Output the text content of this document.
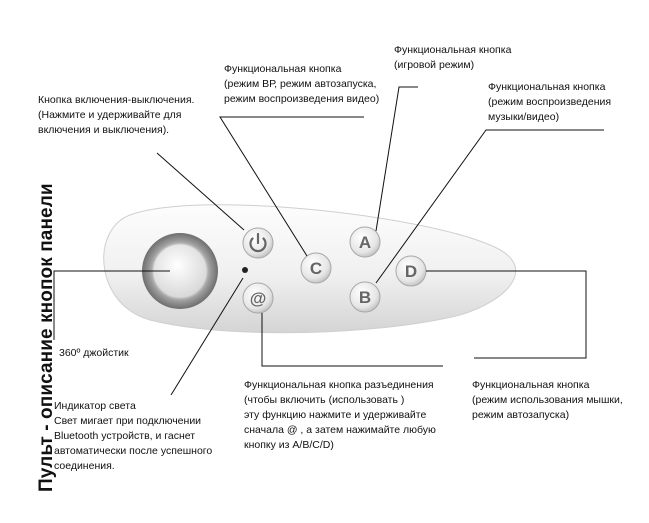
@
C
A
B
D
Пульт - описание кнопок панели

Кнопка включения-выключения.
(Нажмите и удерживайте для
включения и выключения).

Функциональная кнопка
(режим ВР, режим автозапуска,
режим воспроизведения видео)

Функциональная кнопка
(игровой режим)

Функциональная кнопка
(режим воспроизведения
музыки/видео)

360º джойстик

Индикатор света
Свет мигает при подключении
Bluetooth устройств, и гаснет
автоматически после успешного
соединения.

Функциональная кнопка разъединения
(чтобы включить (использовать )
эту функцию нажмите и удерживайте
сначала @ , а затем нажимайте любую
кнопку из A/B/C/D)

Функциональная кнопка
(режим использования мышки,
режим автозапуска)
